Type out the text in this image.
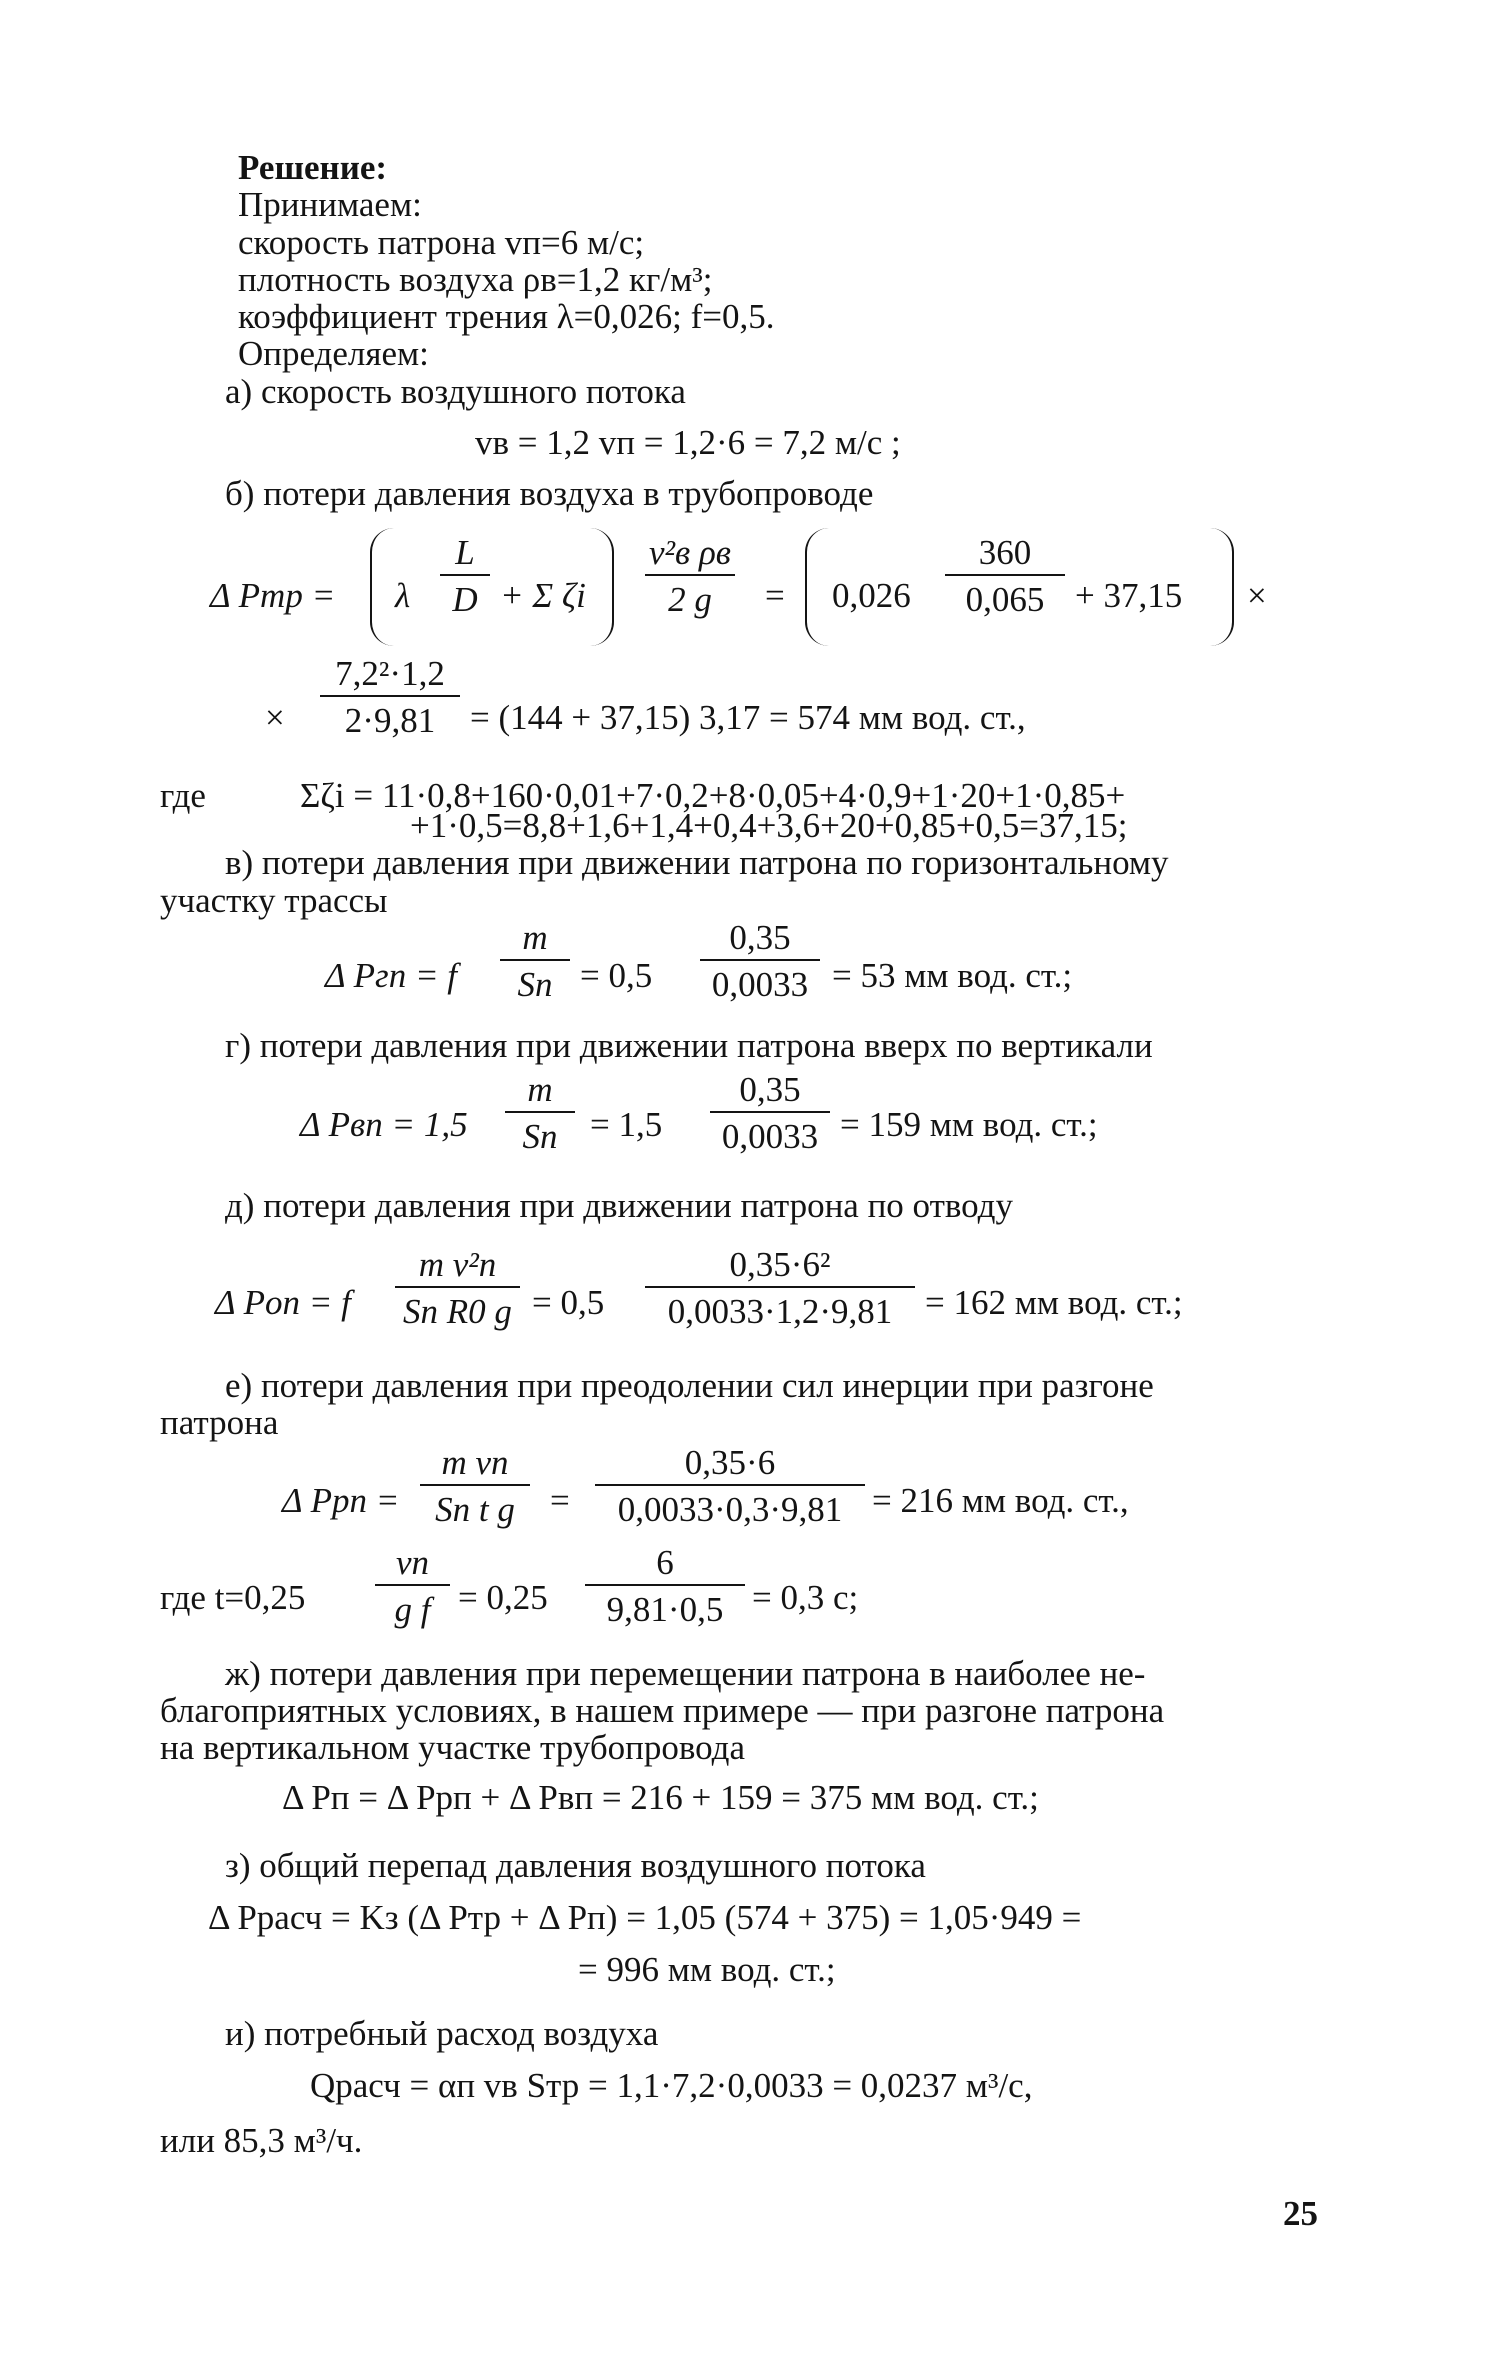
Решение:
Принимаем:
скорость патрона vп=6 м/с;
плотность воздуха ρв=1,2 кг/м³;
коэффициент трения λ=0,026; f=0,5.
Определяем:
а) скорость воздушного потока
vв = 1,2 vп = 1,2·6 = 7,2 м/с ;
б) потери давления воздуха в трубопроводе
Δ Pтр = λ
L
D + Σ ζi
v²в ρв
2 g	= 0,026
360
0,065 + 37,15 ×
×
7,2²·1,2
2·9,81 = (144 + 37,15) 3,17 = 574 мм вод. ст.,
где	Σζi = 11·0,8+160·0,01+7·0,2+8·0,05+4·0,9+1·20+1·0,85+
+1·0,5=8,8+1,6+1,4+0,4+3,6+20+0,85+0,5=37,15;
в) потери давления при движении патрона по горизонтальному
участку трассы
Δ Pгп = f
m
Sп = 0,5
0,35
0,0033 = 53 мм вод. ст.;
г) потери давления при движении патрона вверх по вертикали
Δ Pвп = 1,5
m
Sп = 1,5
0,35
0,0033 = 159 мм вод. ст.;
д) потери давления при движении патрона по отводу
Δ Pоп = f
m v²п
Sп R0 g = 0,5
0,35·6²
0,0033·1,2·9,81 = 162 мм вод. ст.;
е) потери давления при преодолении сил инерции при разгоне
патрона
Δ Pрп =
m vп
Sп t g	=
0,35·6
0,0033·0,3·9,81 = 216 мм вод. ст.,
где t=0,25
vп
g f = 0,25
6
9,81·0,5 = 0,3 с;
ж) потери давления при перемещении патрона в наиболее не-
благоприятных условиях, в нашем примере — при разгоне патрона
на вертикальном участке трубопровода
Δ Pп = Δ Pрп + Δ Pвп = 216 + 159 = 375 мм вод. ст.;
з) общий перепад давления воздушного потока
Δ Pрасч = Kз (Δ Pтр + Δ Pп) = 1,05 (574 + 375) = 1,05·949 =
= 996 мм вод. ст.;
и) потребный расход воздуха
Qрасч = αп vв Sтр = 1,1·7,2·0,0033 = 0,0237 м³/с,
или 85,3 м³/ч.
25
